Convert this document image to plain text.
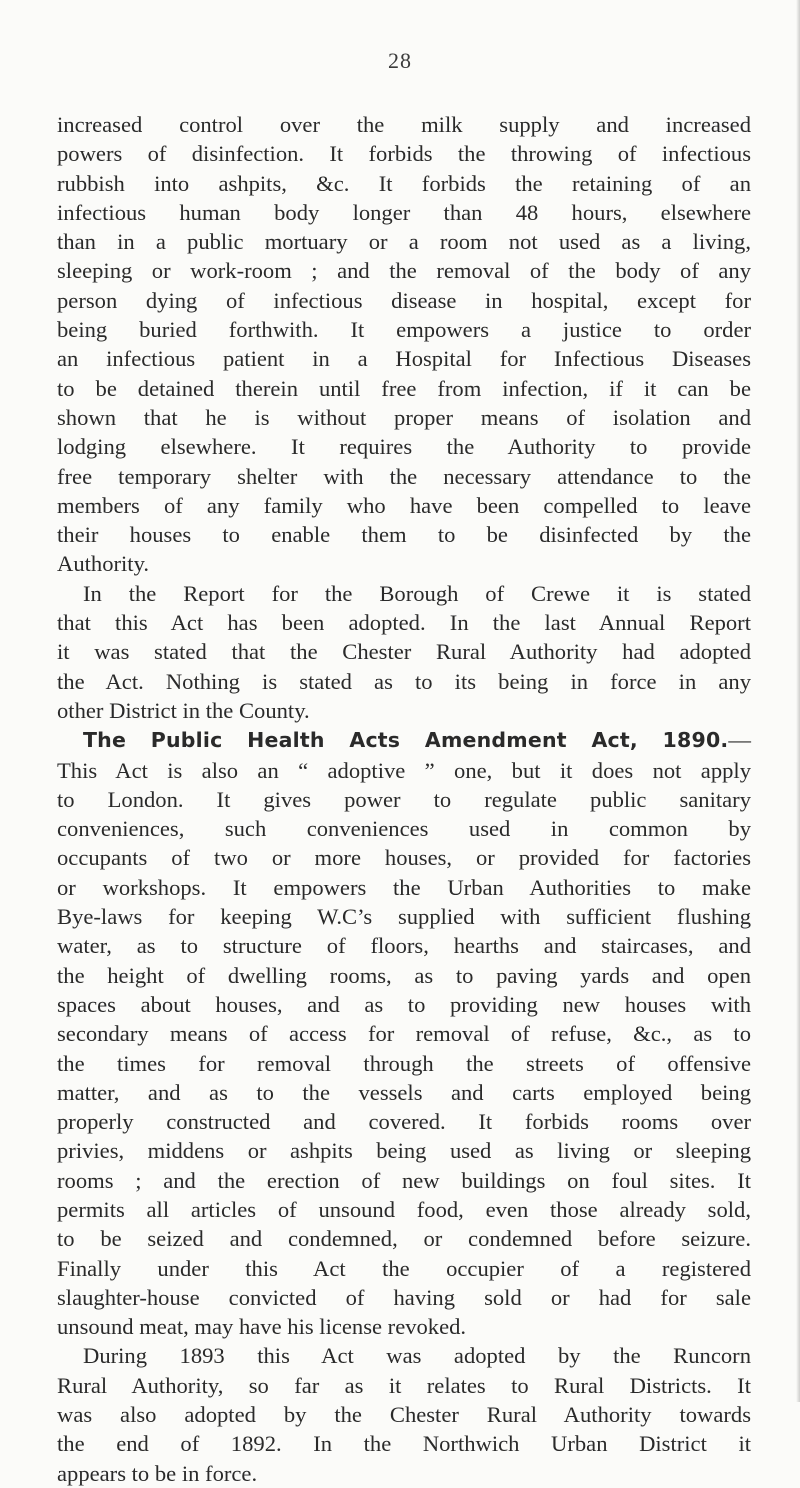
28

increased control over the milk supply and increased

powers of disinfection. It forbids the throwing of infectious

rubbish into ashpits, &c. It forbids the retaining of an

infectious human body longer than 48 hours, elsewhere

than in a public mortuary or a room not used as a living,

sleeping or work-room ; and the removal of the body of any

person dying of infectious disease in hospital, except for

being buried forthwith. It empowers a justice to order

an infectious patient in a Hospital for Infectious Diseases

to be detained therein until free from infection, if it can be

shown that he is without proper means of isolation and

lodging elsewhere. It requires the Authority to provide

free temporary shelter with the necessary attendance to the

members of any family who have been compelled to leave

their houses to enable them to be disinfected by the

Authority.

In the Report for the Borough of Crewe it is stated

that this Act has been adopted. In the last Annual Report

it was stated that the Chester Rural Authority had adopted

the Act. Nothing is stated as to its being in force in any

other District in the County.

The Public Health Acts Amendment Act, 1890.—

This Act is also an “ adoptive ” one, but it does not apply

to London. It gives power to regulate public sanitary

conveniences, such conveniences used in common by

occupants of two or more houses, or provided for factories

or workshops. It empowers the Urban Authorities to make

Bye-laws for keeping W.C’s supplied with sufficient flushing

water, as to structure of floors, hearths and staircases, and

the height of dwelling rooms, as to paving yards and open

spaces about houses, and as to providing new houses with

secondary means of access for removal of refuse, &c., as to

the times for removal through the streets of offensive

matter, and as to the vessels and carts employed being

properly constructed and covered. It forbids rooms over

privies, middens or ashpits being used as living or sleeping

rooms ; and the erection of new buildings on foul sites. It

permits all articles of unsound food, even those already sold,

to be seized and condemned, or condemned before seizure.

Finally under this Act the occupier of a registered

slaughter-house convicted of having sold or had for sale

unsound meat, may have his license revoked.

During 1893 this Act was adopted by the Runcorn

Rural Authority, so far as it relates to Rural Districts. It

was also adopted by the Chester Rural Authority towards

the end of 1892. In the Northwich Urban District it

appears to be in force.
